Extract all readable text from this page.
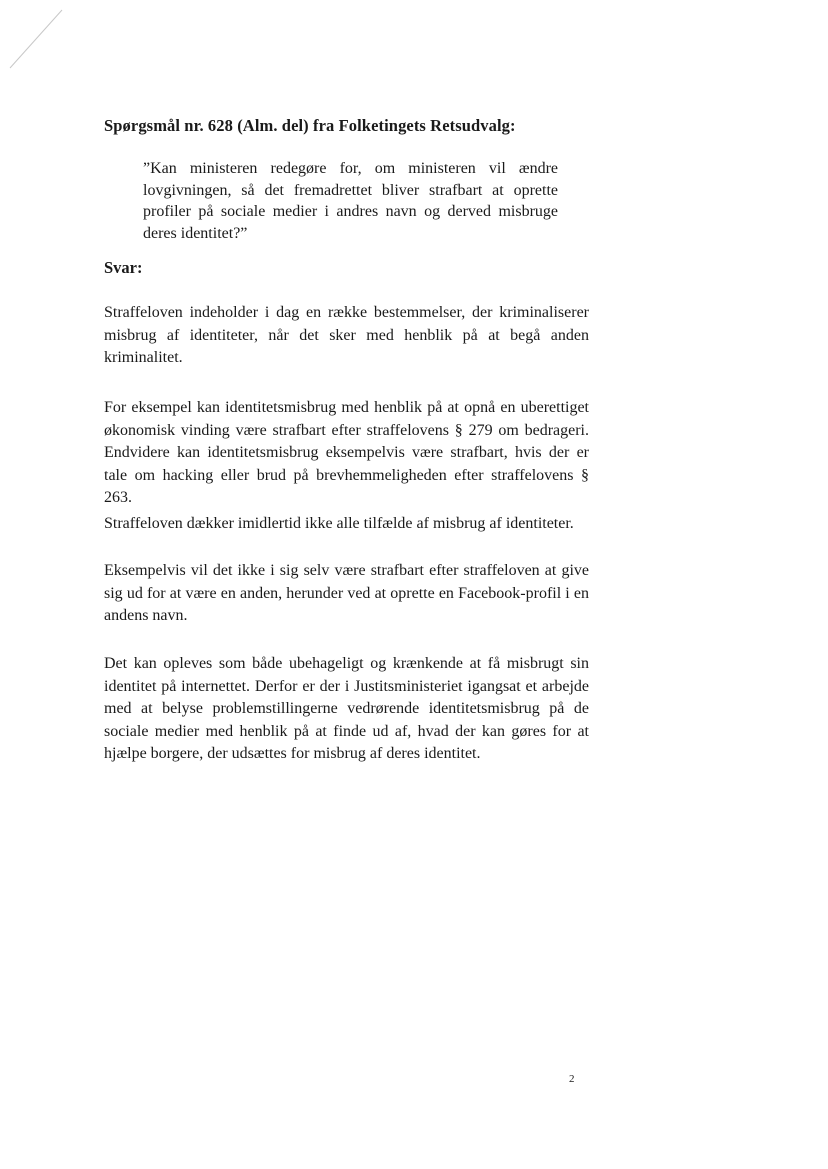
Spørgsmål nr. 628 (Alm. del) fra Folketingets Retsudvalg:
”Kan ministeren redegøre for, om ministeren vil ændre lovgivningen, så det fremadrettet bliver strafbart at oprette profiler på sociale medier i andres navn og derved misbruge deres identitet?”
Svar:
Straffeloven indeholder i dag en række bestemmelser, der kriminaliserer misbrug af identiteter, når det sker med henblik på at begå anden kriminalitet.
For eksempel kan identitetsmisbrug med henblik på at opnå en uberettiget økonomisk vinding være strafbart efter straffelovens § 279 om bedrageri. Endvidere kan identitetsmisbrug eksempelvis være strafbart, hvis der er tale om hacking eller brud på brevhemmeligheden efter straffelovens § 263.
Straffeloven dækker imidlertid ikke alle tilfælde af misbrug af identiteter.
Eksempelvis vil det ikke i sig selv være strafbart efter straffeloven at give sig ud for at være en anden, herunder ved at oprette en Facebook-profil i en andens navn.
Det kan opleves som både ubehageligt og krænkende at få misbrugt sin identitet på internettet. Derfor er der i Justitsministeriet igangsat et arbejde med at belyse problemstillingerne vedrørende identitetsmisbrug på de sociale medier med henblik på at finde ud af, hvad der kan gøres for at hjælpe borgere, der udsættes for misbrug af deres identitet.
2
